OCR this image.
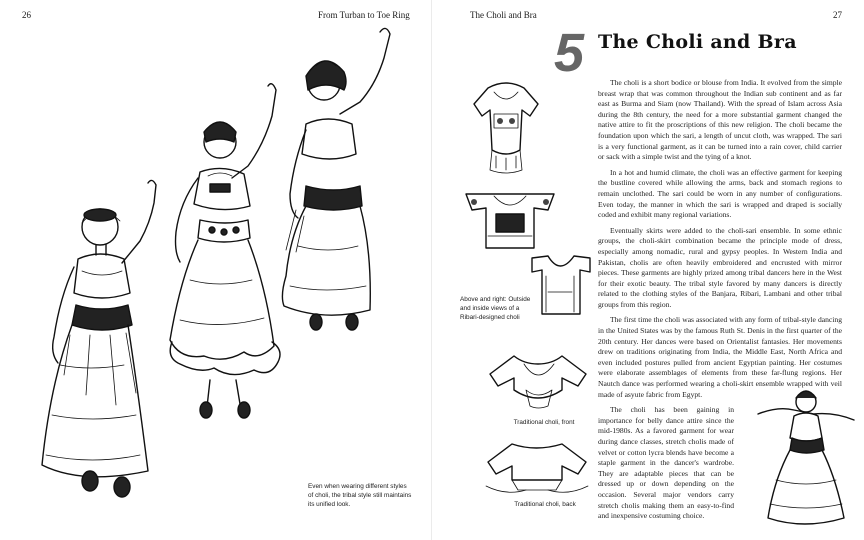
26	From Turban to Toe Ring
Even when wearing different styles of choli, the tribal style still maintains its unified look.
The Choli and Bra	27
5 The Choli and Bra
Above and right: Outside and inside views of a Ribari-designed choli
Traditional choli, front
Traditional choli, back

The choli is a short bodice or blouse from India. It evolved from the simple breast wrap that was common throughout the Indian sub continent and as far east as Burma and Siam (now Thailand). With the spread of Islam across Asia during the 8th century, the need for a more substantial garment changed the native attire to fit the proscriptions of this new religion. The choli became the foundation upon which the sari, a length of uncut cloth, was wrapped. The sari is a very functional garment, as it can be turned into a rain cover, child carrier or sack with a simple twist and the tying of a knot.

In a hot and humid climate, the choli was an effective garment for keeping the bustline covered while allowing the arms, back and stomach regions to remain unclothed. The sari could be worn in any number of configurations. Even today, the manner in which the sari is wrapped and draped is socially coded and exhibit many regional variations.

Eventually skirts were added to the choli-sari ensemble. In some ethnic groups, the choli-skirt combination became the principle mode of dress, especially among nomadic, rural and gypsy peoples. In Western India and Pakistan, cholis are often heavily embroidered and encrusted with mirror pieces. These garments are highly prized among tribal dancers here in the West for their exotic beauty. The tribal style favored by many dancers is directly related to the clothing styles of the Banjara, Ribari, Lambani and other tribal groups from this region.

The first time the choli was associated with any form of tribal-style dancing in the United States was by the famous Ruth St. Denis in the first quarter of the 20th century. Her dances were based on Orientalist fantasies. Her movements drew on traditions originating from India, the Middle East, North Africa and even included postures pulled from ancient Egyptian painting. Her costumes were elaborate assemblages of elements from these far-flung regions. Her Nautch dance was performed wearing a choli-skirt ensemble wrapped with veil made of asyute fabric from Egypt.

The choli has been gaining in importance for belly dance attire since the mid-1980s. As a favored garment for wear during dance classes, stretch cholis made of velvet or cotton lycra blends have become a staple garment in the dancer's wardrobe. They are adaptable pieces that can be dressed up or down depending on the occasion. Several major vendors carry stretch cholis making them an easy-to-find and inexpensive costuming choice.
